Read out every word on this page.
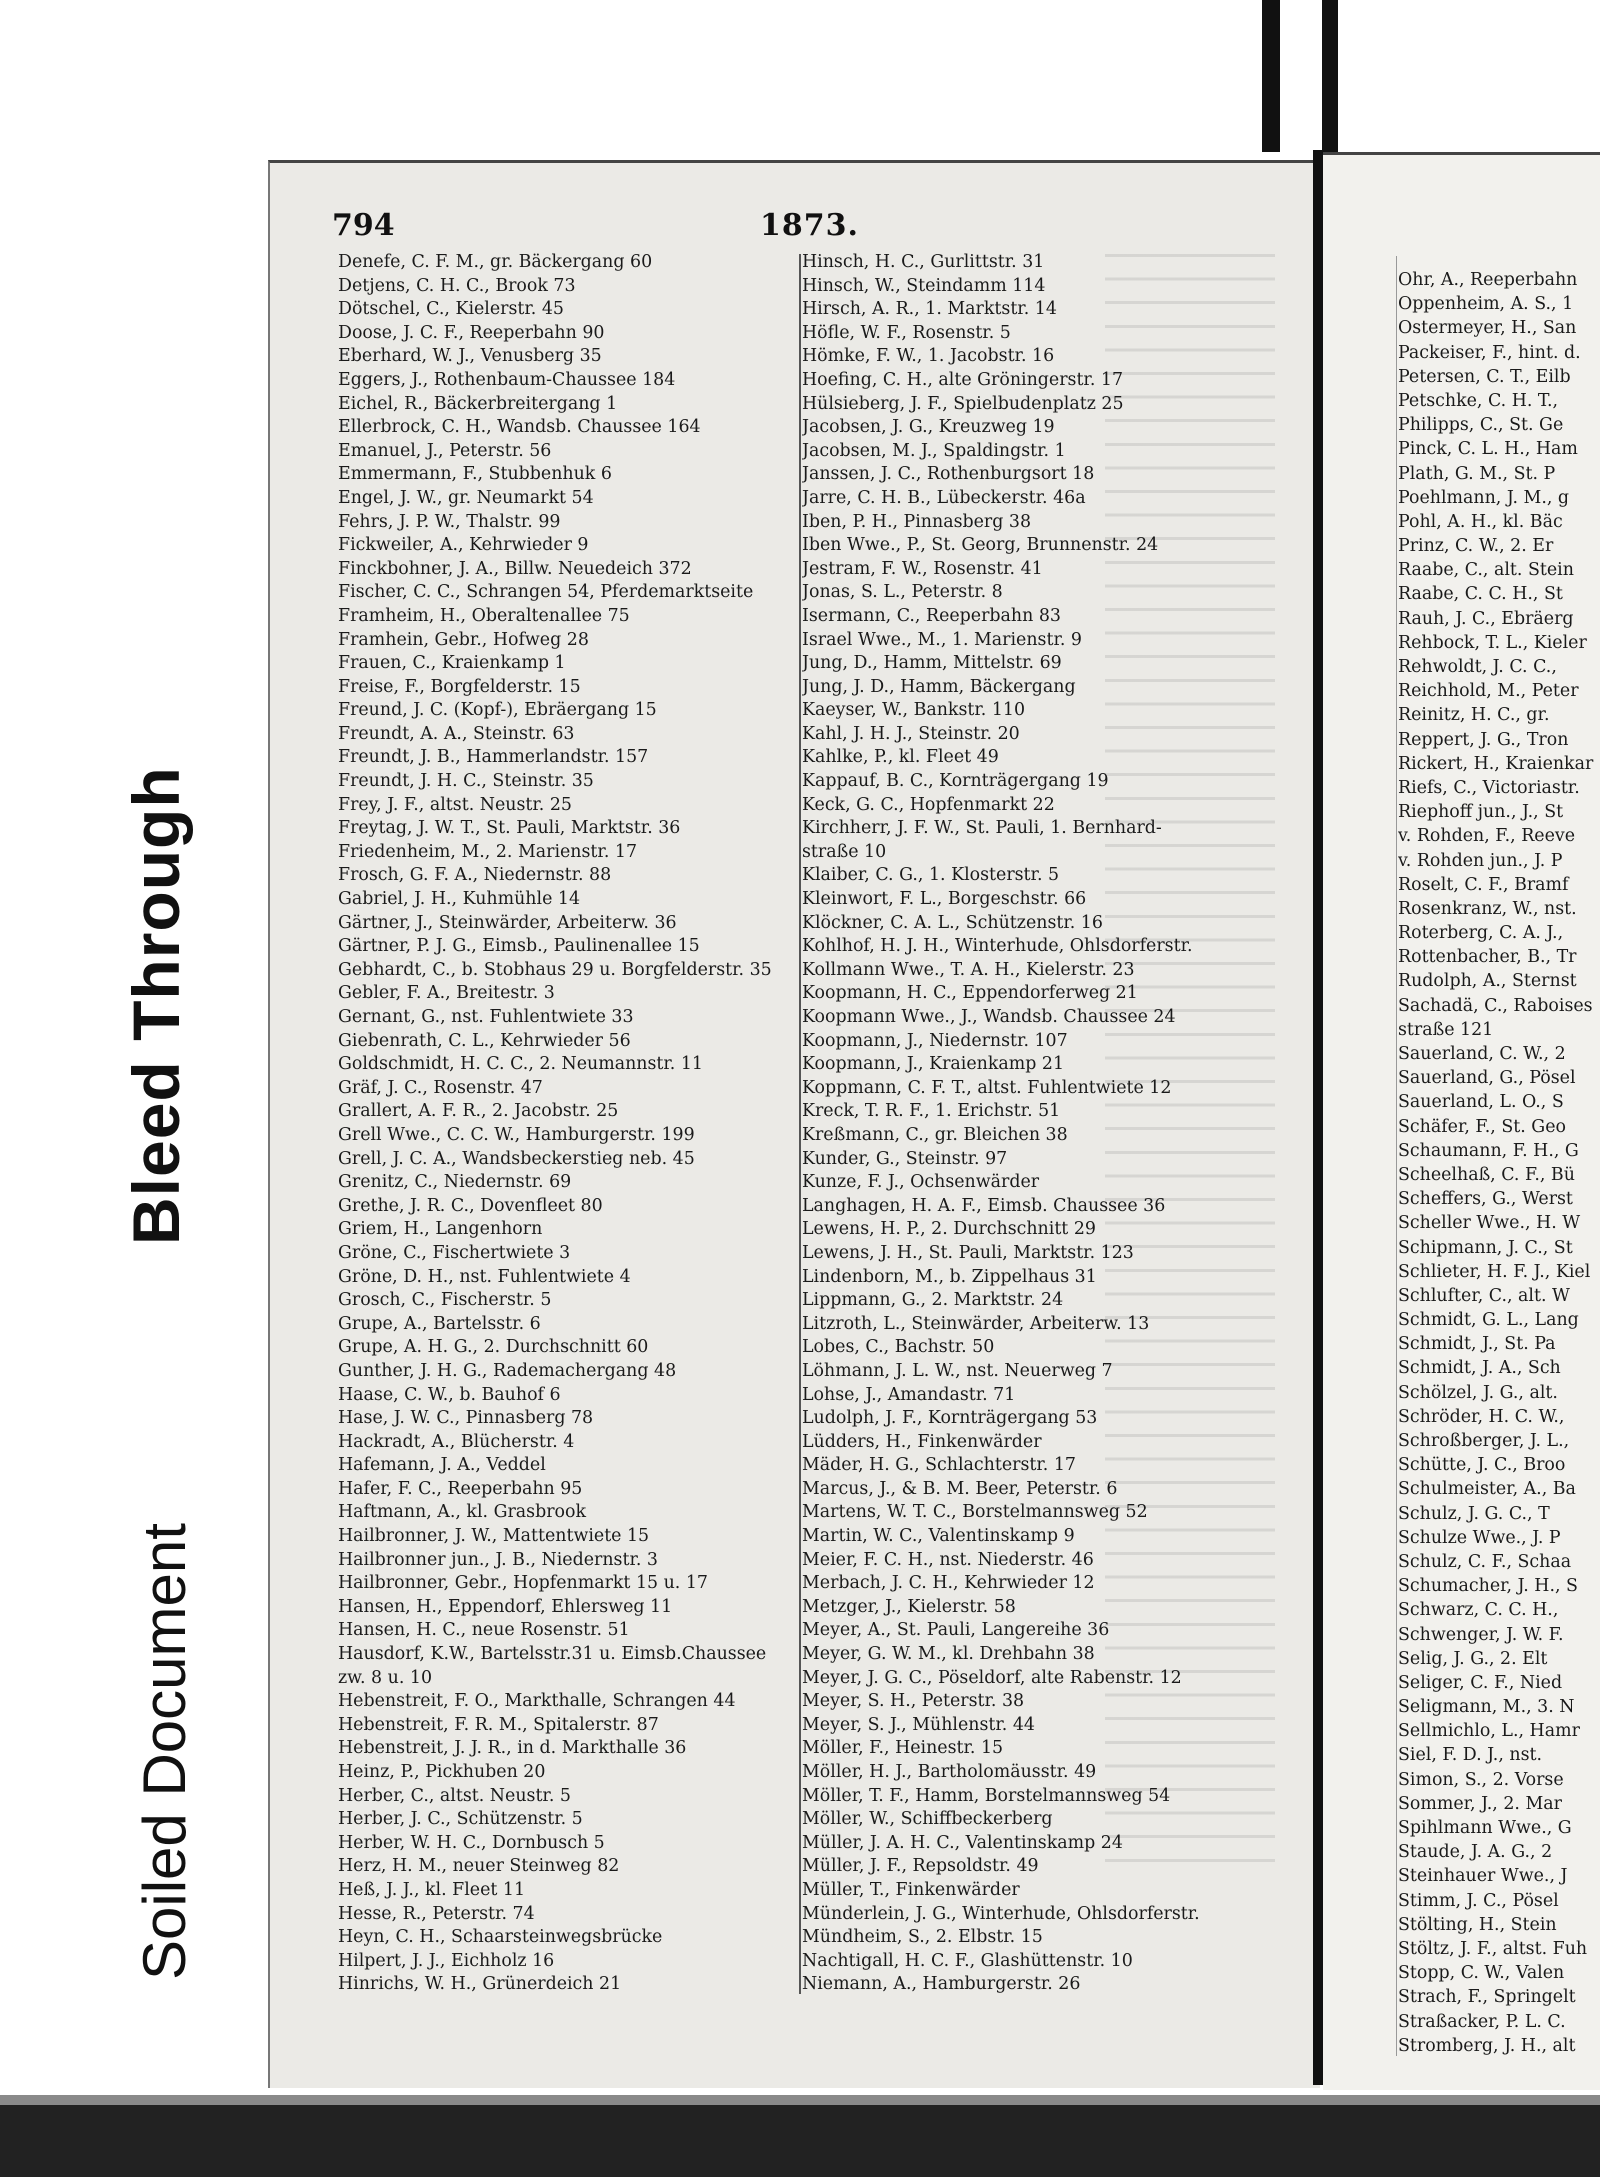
Bleed Through
Soiled Document
794	1873.
Denefe, C. F. M., gr. Bäckergang 60
Detjens, C. H. C., Brook 73
Dötschel, C., Kielerstr. 45
Doose, J. C. F., Reeperbahn 90
Eberhard, W. J., Venusberg 35
Eggers, J., Rothenbaum-Chaussee 184
Eichel, R., Bäckerbreitergang 1
Ellerbrock, C. H., Wandsb. Chaussee 164
Emanuel, J., Peterstr. 56
Emmermann, F., Stubbenhuk 6
Engel, J. W., gr. Neumarkt 54
Fehrs, J. P. W., Thalstr. 99
Fickweiler, A., Kehrwieder 9
Finckbohner, J. A., Billw. Neuedeich 372
Fischer, C. C., Schrangen 54, Pferdemarktseite
Framheim, H., Oberaltenallee 75
Framhein, Gebr., Hofweg 28
Frauen, C., Kraienkamp 1
Freise, F., Borgfelderstr. 15
Freund, J. C. (Kopf-), Ebräergang 15
Freundt, A. A., Steinstr. 63
Freundt, J. B., Hammerlandstr. 157
Freundt, J. H. C., Steinstr. 35
Frey, J. F., altst. Neustr. 25
Freytag, J. W. T., St. Pauli, Marktstr. 36
Friedenheim, M., 2. Marienstr. 17
Frosch, G. F. A., Niedernstr. 88
Gabriel, J. H., Kuhmühle 14
Gärtner, J., Steinwärder, Arbeiterw. 36
Gärtner, P. J. G., Eimsb., Paulinenallee 15
Gebhardt, C., b. Stobhaus 29 u. Borgfelderstr. 35
Gebler, F. A., Breitestr. 3
Gernant, G., nst. Fuhlentwiete 33
Giebenrath, C. L., Kehrwieder 56
Goldschmidt, H. C. C., 2. Neumannstr. 11
Gräf, J. C., Rosenstr. 47
Grallert, A. F. R., 2. Jacobstr. 25
Grell Wwe., C. C. W., Hamburgerstr. 199
Grell, J. C. A., Wandsbeckerstieg neb. 45
Grenitz, C., Niedernstr. 69
Grethe, J. R. C., Dovenfleet 80
Griem, H., Langenhorn
Gröne, C., Fischertwiete 3
Gröne, D. H., nst. Fuhlentwiete 4
Grosch, C., Fischerstr. 5
Grupe, A., Bartelsstr. 6
Grupe, A. H. G., 2. Durchschnitt 60
Gunther, J. H. G., Rademachergang 48
Haase, C. W., b. Bauhof 6
Hase, J. W. C., Pinnasberg 78
Hackradt, A., Blücherstr. 4
Hafemann, J. A., Veddel
Hafer, F. C., Reeperbahn 95
Haftmann, A., kl. Grasbrook
Hailbronner, J. W., Mattentwiete 15
Hailbronner jun., J. B., Niedernstr. 3
Hailbronner, Gebr., Hopfenmarkt 15 u. 17
Hansen, H., Eppendorf, Ehlersweg 11
Hansen, H. C., neue Rosenstr. 51
Hausdorf, K.W., Bartelsstr.31 u. Eimsb.Chaussee
zw. 8 u. 10
Hebenstreit, F. O., Markthalle, Schrangen 44
Hebenstreit, F. R. M., Spitalerstr. 87
Hebenstreit, J. J. R., in d. Markthalle 36
Heinz, P., Pickhuben 20
Herber, C., altst. Neustr. 5
Herber, J. C., Schützenstr. 5
Herber, W. H. C., Dornbusch 5
Herz, H. M., neuer Steinweg 82
Heß, J. J., kl. Fleet 11
Hesse, R., Peterstr. 74
Heyn, C. H., Schaarsteinwegsbrücke
Hilpert, J. J., Eichholz 16
Hinrichs, W. H., Grünerdeich 21
Hinsch, H. C., Gurlittstr. 31
Hinsch, W., Steindamm 114
Hirsch, A. R., 1. Marktstr. 14
Höfle, W. F., Rosenstr. 5
Hömke, F. W., 1. Jacobstr. 16
Hoefing, C. H., alte Gröningerstr. 17
Hülsieberg, J. F., Spielbudenplatz 25
Jacobsen, J. G., Kreuzweg 19
Jacobsen, M. J., Spaldingstr. 1
Janssen, J. C., Rothenburgsort 18
Jarre, C. H. B., Lübeckerstr. 46a
Iben, P. H., Pinnasberg 38
Iben Wwe., P., St. Georg, Brunnenstr. 24
Jestram, F. W., Rosenstr. 41
Jonas, S. L., Peterstr. 8
Isermann, C., Reeperbahn 83
Israel Wwe., M., 1. Marienstr. 9
Jung, D., Hamm, Mittelstr. 69
Jung, J. D., Hamm, Bäckergang
Kaeyser, W., Bankstr. 110
Kahl, J. H. J., Steinstr. 20
Kahlke, P., kl. Fleet 49
Kappauf, B. C., Kornträgergang 19
Keck, G. C., Hopfenmarkt 22
Kirchherr, J. F. W., St. Pauli, 1. Bernhard-
straße 10
Klaiber, C. G., 1. Klosterstr. 5
Kleinwort, F. L., Borgeschstr. 66
Klöckner, C. A. L., Schützenstr. 16
Kohlhof, H. J. H., Winterhude, Ohlsdorferstr.
Kollmann Wwe., T. A. H., Kielerstr. 23
Koopmann, H. C., Eppendorferweg 21
Koopmann Wwe., J., Wandsb. Chaussee 24
Koopmann, J., Niedernstr. 107
Koopmann, J., Kraienkamp 21
Koppmann, C. F. T., altst. Fuhlentwiete 12
Kreck, T. R. F., 1. Erichstr. 51
Kreßmann, C., gr. Bleichen 38
Kunder, G., Steinstr. 97
Kunze, F. J., Ochsenwärder
Langhagen, H. A. F., Eimsb. Chaussee 36
Lewens, H. P., 2. Durchschnitt 29
Lewens, J. H., St. Pauli, Marktstr. 123
Lindenborn, M., b. Zippelhaus 31
Lippmann, G., 2. Marktstr. 24
Litzroth, L., Steinwärder, Arbeiterw. 13
Lobes, C., Bachstr. 50
Löhmann, J. L. W., nst. Neuerweg 7
Lohse, J., Amandastr. 71
Ludolph, J. F., Kornträgergang 53
Lüdders, H., Finkenwärder
Mäder, H. G., Schlachterstr. 17
Marcus, J., & B. M. Beer, Peterstr. 6
Martens, W. T. C., Borstelmannsweg 52
Martin, W. C., Valentinskamp 9
Meier, F. C. H., nst. Niederstr. 46
Merbach, J. C. H., Kehrwieder 12
Metzger, J., Kielerstr. 58
Meyer, A., St. Pauli, Langereihe 36
Meyer, G. W. M., kl. Drehbahn 38
Meyer, J. G. C., Pöseldorf, alte Rabenstr. 12
Meyer, S. H., Peterstr. 38
Meyer, S. J., Mühlenstr. 44
Möller, F., Heinestr. 15
Möller, H. J., Bartholomäusstr. 49
Möller, T. F., Hamm, Borstelmannsweg 54
Möller, W., Schiffbeckerberg
Müller, J. A. H. C., Valentinskamp 24
Müller, J. F., Repsoldstr. 49
Müller, T., Finkenwärder
Münderlein, J. G., Winterhude, Ohlsdorferstr.
Mündheim, S., 2. Elbstr. 15
Nachtigall, H. C. F., Glashüttenstr. 10
Niemann, A., Hamburgerstr. 26
Ohr, A., Reeperbahn
Oppenheim, A. S., 1
Ostermeyer, H., San
Packeiser, F., hint. d.
Petersen, C. T., Eilb
Petschke, C. H. T.,
Philipps, C., St. Ge
Pinck, C. L. H., Ham
Plath, G. M., St. P
Poehlmann, J. M., g
Pohl, A. H., kl. Bäc
Prinz, C. W., 2. Er
Raabe, C., alt. Stein
Raabe, C. C. H., St
Rauh, J. C., Ebräerg
Rehbock, T. L., Kieler
Rehwoldt, J. C. C.,
Reichhold, M., Peter
Reinitz, H. C., gr.
Reppert, J. G., Tron
Rickert, H., Kraienkar
Riefs, C., Victoriastr.
Riephoff jun., J., St
v. Rohden, F., Reeve
v. Rohden jun., J. P
Roselt, C. F., Bramf
Rosenkranz, W., nst.
Roterberg, C. A. J.,
Rottenbacher, B., Tr
Rudolph, A., Sternst
Sachadä, C., Raboises
straße 121
Sauerland, C. W., 2
Sauerland, G., Pösel
Sauerland, L. O., S
Schäfer, F., St. Geo
Schaumann, F. H., G
Scheelhaß, C. F., Bü
Scheffers, G., Werst
Scheller Wwe., H. W
Schipmann, J. C., St
Schlieter, H. F. J., Kiel
Schlufter, C., alt. W
Schmidt, G. L., Lang
Schmidt, J., St. Pa
Schmidt, J. A., Sch
Schölzel, J. G., alt.
Schröder, H. C. W.,
Schroßberger, J. L.,
Schütte, J. C., Broo
Schulmeister, A., Ba
Schulz, J. G. C., T
Schulze Wwe., J. P
Schulz, C. F., Schaa
Schumacher, J. H., S
Schwarz, C. C. H.,
Schwenger, J. W. F.
Selig, J. G., 2. Elt
Seliger, C. F., Nied
Seligmann, M., 3. N
Sellmichlo, L., Hamr
Siel, F. D. J., nst.
Simon, S., 2. Vorse
Sommer, J., 2. Mar
Spihlmann Wwe., G
Staude, J. A. G., 2
Steinhauer Wwe., J
Stimm, J. C., Pösel
Stölting, H., Stein
Stöltz, J. F., altst. Fuh
Stopp, C. W., Valen
Strach, F., Springelt
Straßacker, P. L. C.
Stromberg, J. H., alt
